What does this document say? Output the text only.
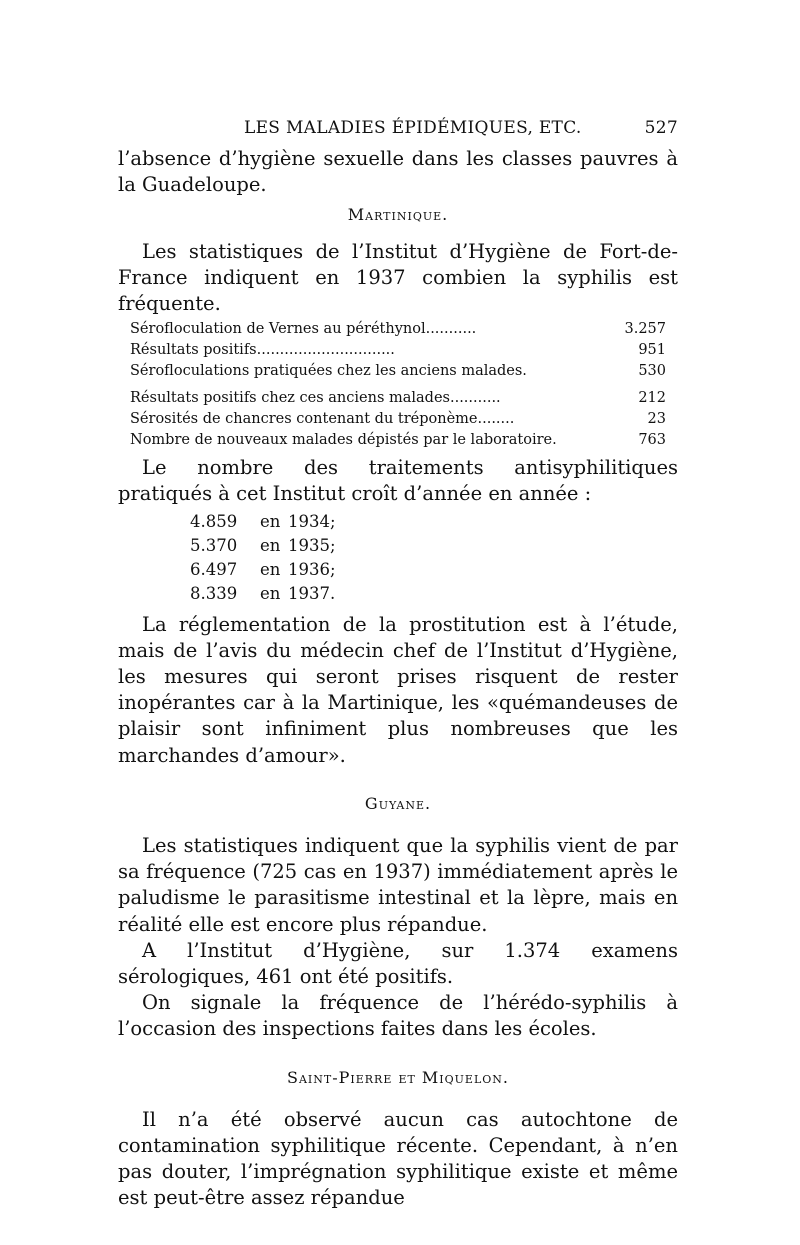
LES MALADIES ÉPIDÉMIQUES, ETC.	527

l’absence d’hygiène sexuelle dans les classes pauvres à la Guadeloupe.

Martinique.

Les statistiques de l’Institut d’Hygiène de Fort-de-France indiquent en 1937 combien la syphilis est fréquente.

Sérofloculation de Vernes au péréthynol...........	3.257
Résultats positifs..............................	951
Sérofloculations pratiquées chez les anciens malades.	530
Résultats positifs chez ces anciens malades...........	212
Sérosités de chancres contenant du tréponème........	23
Nombre de nouveaux malades dépistés par le laboratoire.	763

Le nombre des traitements antisyphilitiques pratiqués à cet Institut croît d’année en année :

4.859	en 1934;
5.370	en 1935;
6.497	en 1936;
8.339	en 1937.

La réglementation de la prostitution est à l’étude, mais de l’avis du médecin chef de l’Institut d’Hygiène, les mesures qui seront prises risquent de rester inopérantes car à la Martinique, les «quémandeuses de plaisir sont infiniment plus nombreuses que les marchandes d’amour».

Guyane.

Les statistiques indiquent que la syphilis vient de par sa fréquence (725 cas en 1937) immédiatement après le paludisme le parasitisme intestinal et la lèpre, mais en réalité elle est encore plus répandue.

A l’Institut d’Hygiène, sur 1.374 examens sérologiques, 461 ont été positifs.

On signale la fréquence de l’hérédo-syphilis à l’occasion des inspections faites dans les écoles.

Saint-Pierre et Miquelon.

Il n’a été observé aucun cas autochtone de contamination syphilitique récente. Cependant, à n’en pas douter, l’imprégnation syphilitique existe et même est peut-être assez répandue
